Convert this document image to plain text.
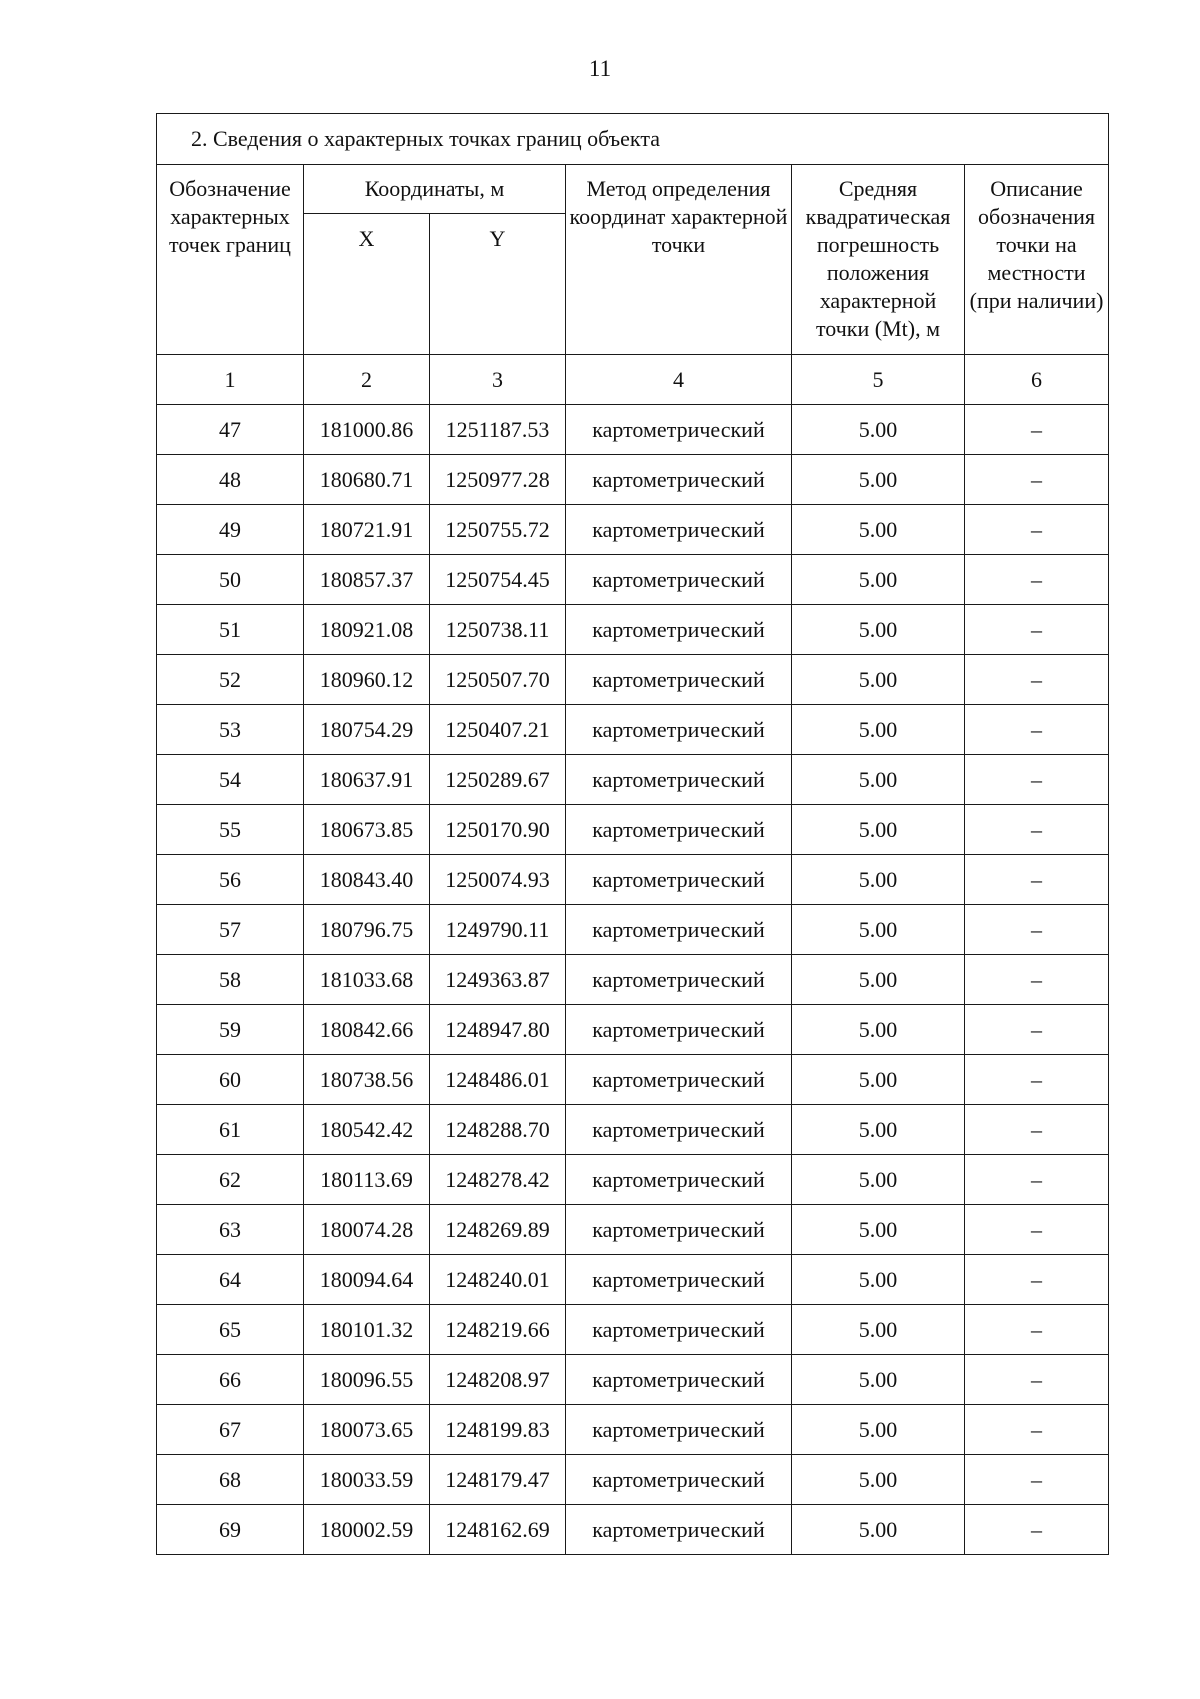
11
2. Сведения о характерных точках границ объекта					
Обозначение характерных точек границ	Координаты, м		Метод определения координат характерной точки	Средняя квадратическая погрешность положения характерной точки (Mt), м	Описание обозначения точки на местности (при наличии)
	X	Y			
1	2	3	4	5	6
47	181000.86	1251187.53	картометрический	5.00	–
48	180680.71	1250977.28	картометрический	5.00	–
49	180721.91	1250755.72	картометрический	5.00	–
50	180857.37	1250754.45	картометрический	5.00	–
51	180921.08	1250738.11	картометрический	5.00	–
52	180960.12	1250507.70	картометрический	5.00	–
53	180754.29	1250407.21	картометрический	5.00	–
54	180637.91	1250289.67	картометрический	5.00	–
55	180673.85	1250170.90	картометрический	5.00	–
56	180843.40	1250074.93	картометрический	5.00	–
57	180796.75	1249790.11	картометрический	5.00	–
58	181033.68	1249363.87	картометрический	5.00	–
59	180842.66	1248947.80	картометрический	5.00	–
60	180738.56	1248486.01	картометрический	5.00	–
61	180542.42	1248288.70	картометрический	5.00	–
62	180113.69	1248278.42	картометрический	5.00	–
63	180074.28	1248269.89	картометрический	5.00	–
64	180094.64	1248240.01	картометрический	5.00	–
65	180101.32	1248219.66	картометрический	5.00	–
66	180096.55	1248208.97	картометрический	5.00	–
67	180073.65	1248199.83	картометрический	5.00	–
68	180033.59	1248179.47	картометрический	5.00	–
69	180002.59	1248162.69	картометрический	5.00	–
